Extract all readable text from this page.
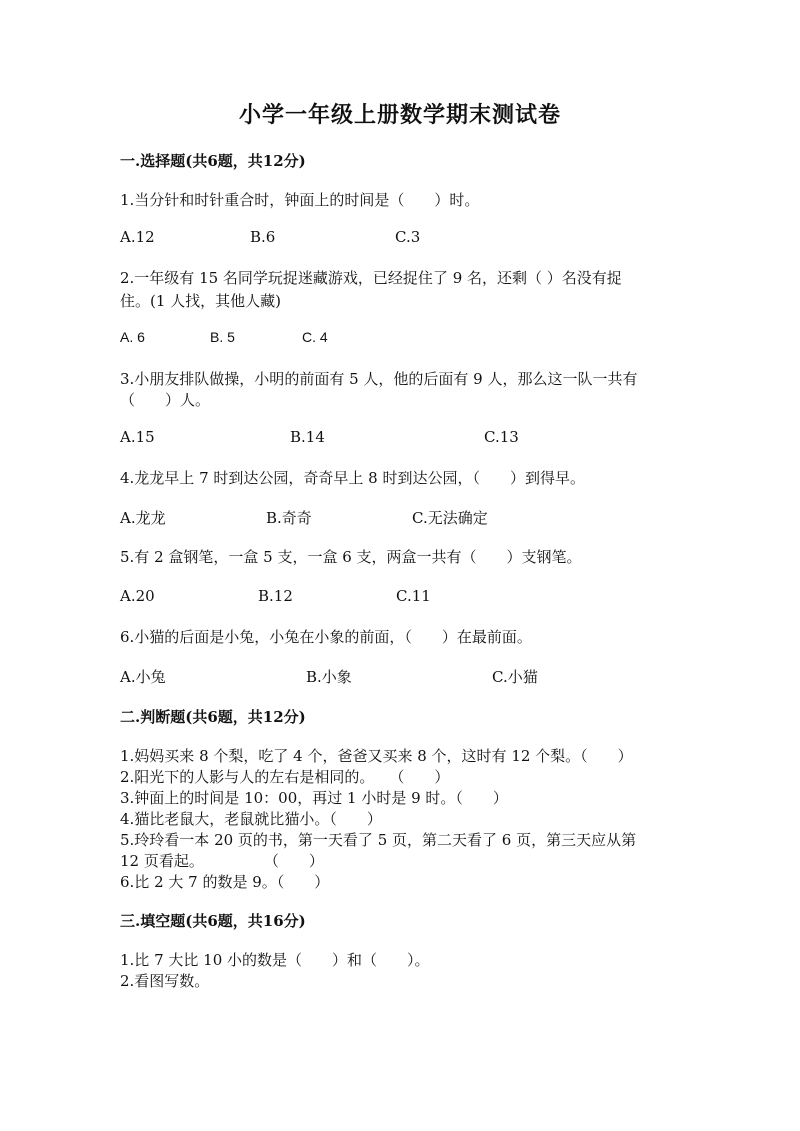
小学一年级上册数学期末测试卷
一.选择题(共6题，共12分)
1.当分针和时针重合时，钟面上的时间是（　　）时。
A.12	B.6	C.3
2.一年级有 15 名同学玩捉迷藏游戏，已经捉住了 9 名，还剩（ ）名没有捉
住。(1 人找，其他人藏)
A. 6	B. 5	C. 4
3.小朋友排队做操，小明的前面有 5 人，他的后面有 9 人，那么这一队一共有
（　　）人。
A.15	B.14	C.13
4.龙龙早上 7 时到达公园，奇奇早上 8 时到达公园，（　　）到得早。
A.龙龙	B.奇奇	C.无法确定
5.有 2 盒钢笔，一盒 5 支，一盒 6 支，两盒一共有（　　）支钢笔。
A.20	B.12	C.11
6.小猫的后面是小兔，小兔在小象的前面，（　　）在最前面。
A.小兔	B.小象	C.小猫
二.判断题(共6题，共12分)
1.妈妈买来 8 个梨，吃了 4 个，爸爸又买来 8 个，这时有 12 个梨。（　　）
2.阳光下的人影与人的左右是相同的。　　（　　）
3.钟面上的时间是 10：00，再过 1 小时是 9 时。（　　）
4.猫比老鼠大，老鼠就比猫小。（　　）
5.玲玲看一本 20 页的书，第一天看了 5 页，第二天看了 6 页，第三天应从第
12 页看起。　　　　　（　　）
6.比 2 大 7 的数是 9。（　　）
三.填空题(共6题，共16分)
1.比 7 大比 10 小的数是（　　）和（　　）。
2.看图写数。
